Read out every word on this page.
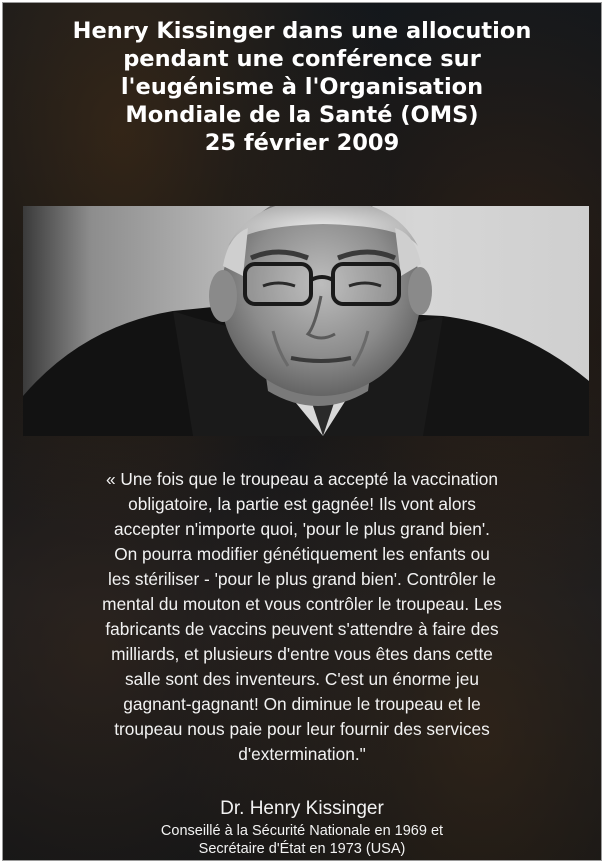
Henry Kissinger dans une allocution
pendant une conférence sur
l'eugénisme à l'Organisation
Mondiale de la Santé (OMS)
25 février 2009
« Une fois que le troupeau a accepté la vaccination
obligatoire, la partie est gagnée! Ils vont alors
accepter n'importe quoi, 'pour le plus grand bien'.
On pourra modifier génétiquement les enfants ou
les stériliser - 'pour le plus grand bien'. Contrôler le
mental du mouton et vous contrôler le troupeau. Les
fabricants de vaccins peuvent s'attendre à faire des
milliards, et plusieurs d'entre vous êtes dans cette
salle sont des inventeurs. C'est un énorme jeu
gagnant-gagnant! On diminue le troupeau et le
troupeau nous paie pour leur fournir des services
d'extermination."
Dr. Henry Kissinger
Conseillé à la Sécurité Nationale en 1969 et
Secrétaire d'État en 1973 (USA)
